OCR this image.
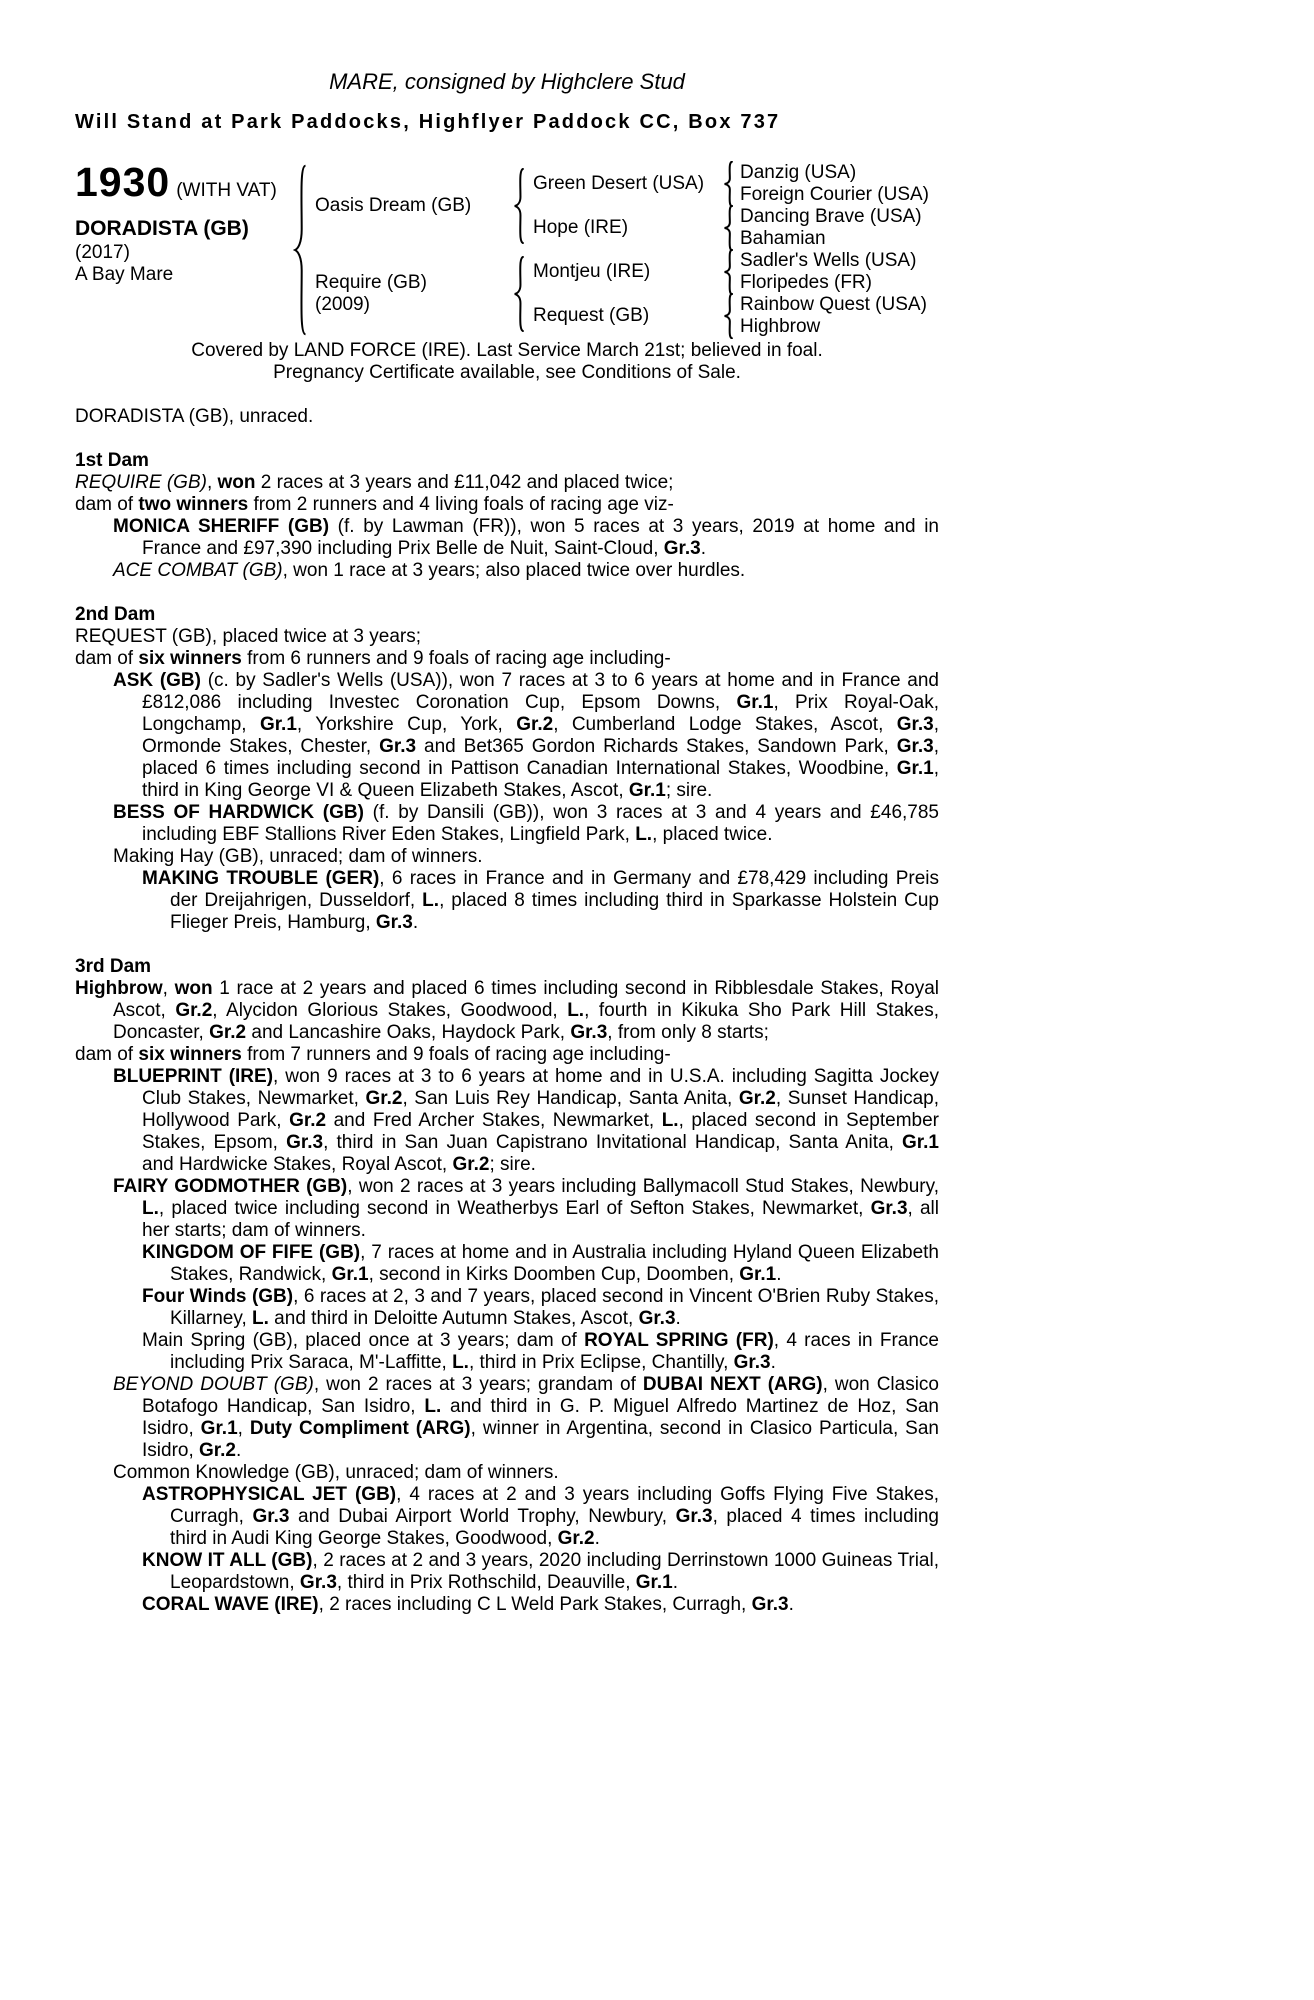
MARE, consigned by Highclere Stud
Will Stand at Park Paddocks, Highflyer Paddock CC, Box 737
1930 (WITH VAT)
DORADISTA (GB)
(2017)
A Bay Mare
Oasis Dream (GB)
Green Desert (USA)
Danzig (USA)
Foreign Courier (USA)
Hope (IRE)
Dancing Brave (USA)
Bahamian
Require (GB)
(2009)
Montjeu (IRE)
Sadler's Wells (USA)
Floripedes (FR)
Request (GB)
Rainbow Quest (USA)
Highbrow
Covered by LAND FORCE (IRE). Last Service March 21st; believed in foal.
Pregnancy Certificate available, see Conditions of Sale.
DORADISTA (GB), unraced.
1st Dam
REQUIRE (GB), won 2 races at 3 years and £11,042 and placed twice;
dam of two winners from 2 runners and 4 living foals of racing age viz-
MONICA SHERIFF (GB) (f. by Lawman (FR)), won 5 races at 3 years, 2019 at home and in France and £97,390 including Prix Belle de Nuit, Saint-Cloud, Gr.3.
ACE COMBAT (GB), won 1 race at 3 years; also placed twice over hurdles.
2nd Dam
REQUEST (GB), placed twice at 3 years;
dam of six winners from 6 runners and 9 foals of racing age including-
ASK (GB) (c. by Sadler's Wells (USA)), won 7 races at 3 to 6 years at home and in France and £812,086 including Investec Coronation Cup, Epsom Downs, Gr.1, Prix Royal-Oak, Longchamp, Gr.1, Yorkshire Cup, York, Gr.2, Cumberland Lodge Stakes, Ascot, Gr.3, Ormonde Stakes, Chester, Gr.3 and Bet365 Gordon Richards Stakes, Sandown Park, Gr.3, placed 6 times including second in Pattison Canadian International Stakes, Woodbine, Gr.1, third in King George VI & Queen Elizabeth Stakes, Ascot, Gr.1; sire.
BESS OF HARDWICK (GB) (f. by Dansili (GB)), won 3 races at 3 and 4 years and £46,785 including EBF Stallions River Eden Stakes, Lingfield Park, L., placed twice.
Making Hay (GB), unraced; dam of winners.
MAKING TROUBLE (GER), 6 races in France and in Germany and £78,429 including Preis der Dreijahrigen, Dusseldorf, L., placed 8 times including third in Sparkasse Holstein Cup Flieger Preis, Hamburg, Gr.3.
3rd Dam
Highbrow, won 1 race at 2 years and placed 6 times including second in Ribblesdale Stakes, Royal Ascot, Gr.2, Alycidon Glorious Stakes, Goodwood, L., fourth in Kikuka Sho Park Hill Stakes, Doncaster, Gr.2 and Lancashire Oaks, Haydock Park, Gr.3, from only 8 starts;
dam of six winners from 7 runners and 9 foals of racing age including-
BLUEPRINT (IRE), won 9 races at 3 to 6 years at home and in U.S.A. including Sagitta Jockey Club Stakes, Newmarket, Gr.2, San Luis Rey Handicap, Santa Anita, Gr.2, Sunset Handicap, Hollywood Park, Gr.2 and Fred Archer Stakes, Newmarket, L., placed second in September Stakes, Epsom, Gr.3, third in San Juan Capistrano Invitational Handicap, Santa Anita, Gr.1 and Hardwicke Stakes, Royal Ascot, Gr.2; sire.
FAIRY GODMOTHER (GB), won 2 races at 3 years including Ballymacoll Stud Stakes, Newbury, L., placed twice including second in Weatherbys Earl of Sefton Stakes, Newmarket, Gr.3, all her starts; dam of winners.
KINGDOM OF FIFE (GB), 7 races at home and in Australia including Hyland Queen Elizabeth Stakes, Randwick, Gr.1, second in Kirks Doomben Cup, Doomben, Gr.1.
Four Winds (GB), 6 races at 2, 3 and 7 years, placed second in Vincent O'Brien Ruby Stakes, Killarney, L. and third in Deloitte Autumn Stakes, Ascot, Gr.3.
Main Spring (GB), placed once at 3 years; dam of ROYAL SPRING (FR), 4 races in France including Prix Saraca, M'-Laffitte, L., third in Prix Eclipse, Chantilly, Gr.3.
BEYOND DOUBT (GB), won 2 races at 3 years; grandam of DUBAI NEXT (ARG), won Clasico Botafogo Handicap, San Isidro, L. and third in G. P. Miguel Alfredo Martinez de Hoz, San Isidro, Gr.1, Duty Compliment (ARG), winner in Argentina, second in Clasico Particula, San Isidro, Gr.2.
Common Knowledge (GB), unraced; dam of winners.
ASTROPHYSICAL JET (GB), 4 races at 2 and 3 years including Goffs Flying Five Stakes, Curragh, Gr.3 and Dubai Airport World Trophy, Newbury, Gr.3, placed 4 times including third in Audi King George Stakes, Goodwood, Gr.2.
KNOW IT ALL (GB), 2 races at 2 and 3 years, 2020 including Derrinstown 1000 Guineas Trial, Leopardstown, Gr.3, third in Prix Rothschild, Deauville, Gr.1.
CORAL WAVE (IRE), 2 races including C L Weld Park Stakes, Curragh, Gr.3.
